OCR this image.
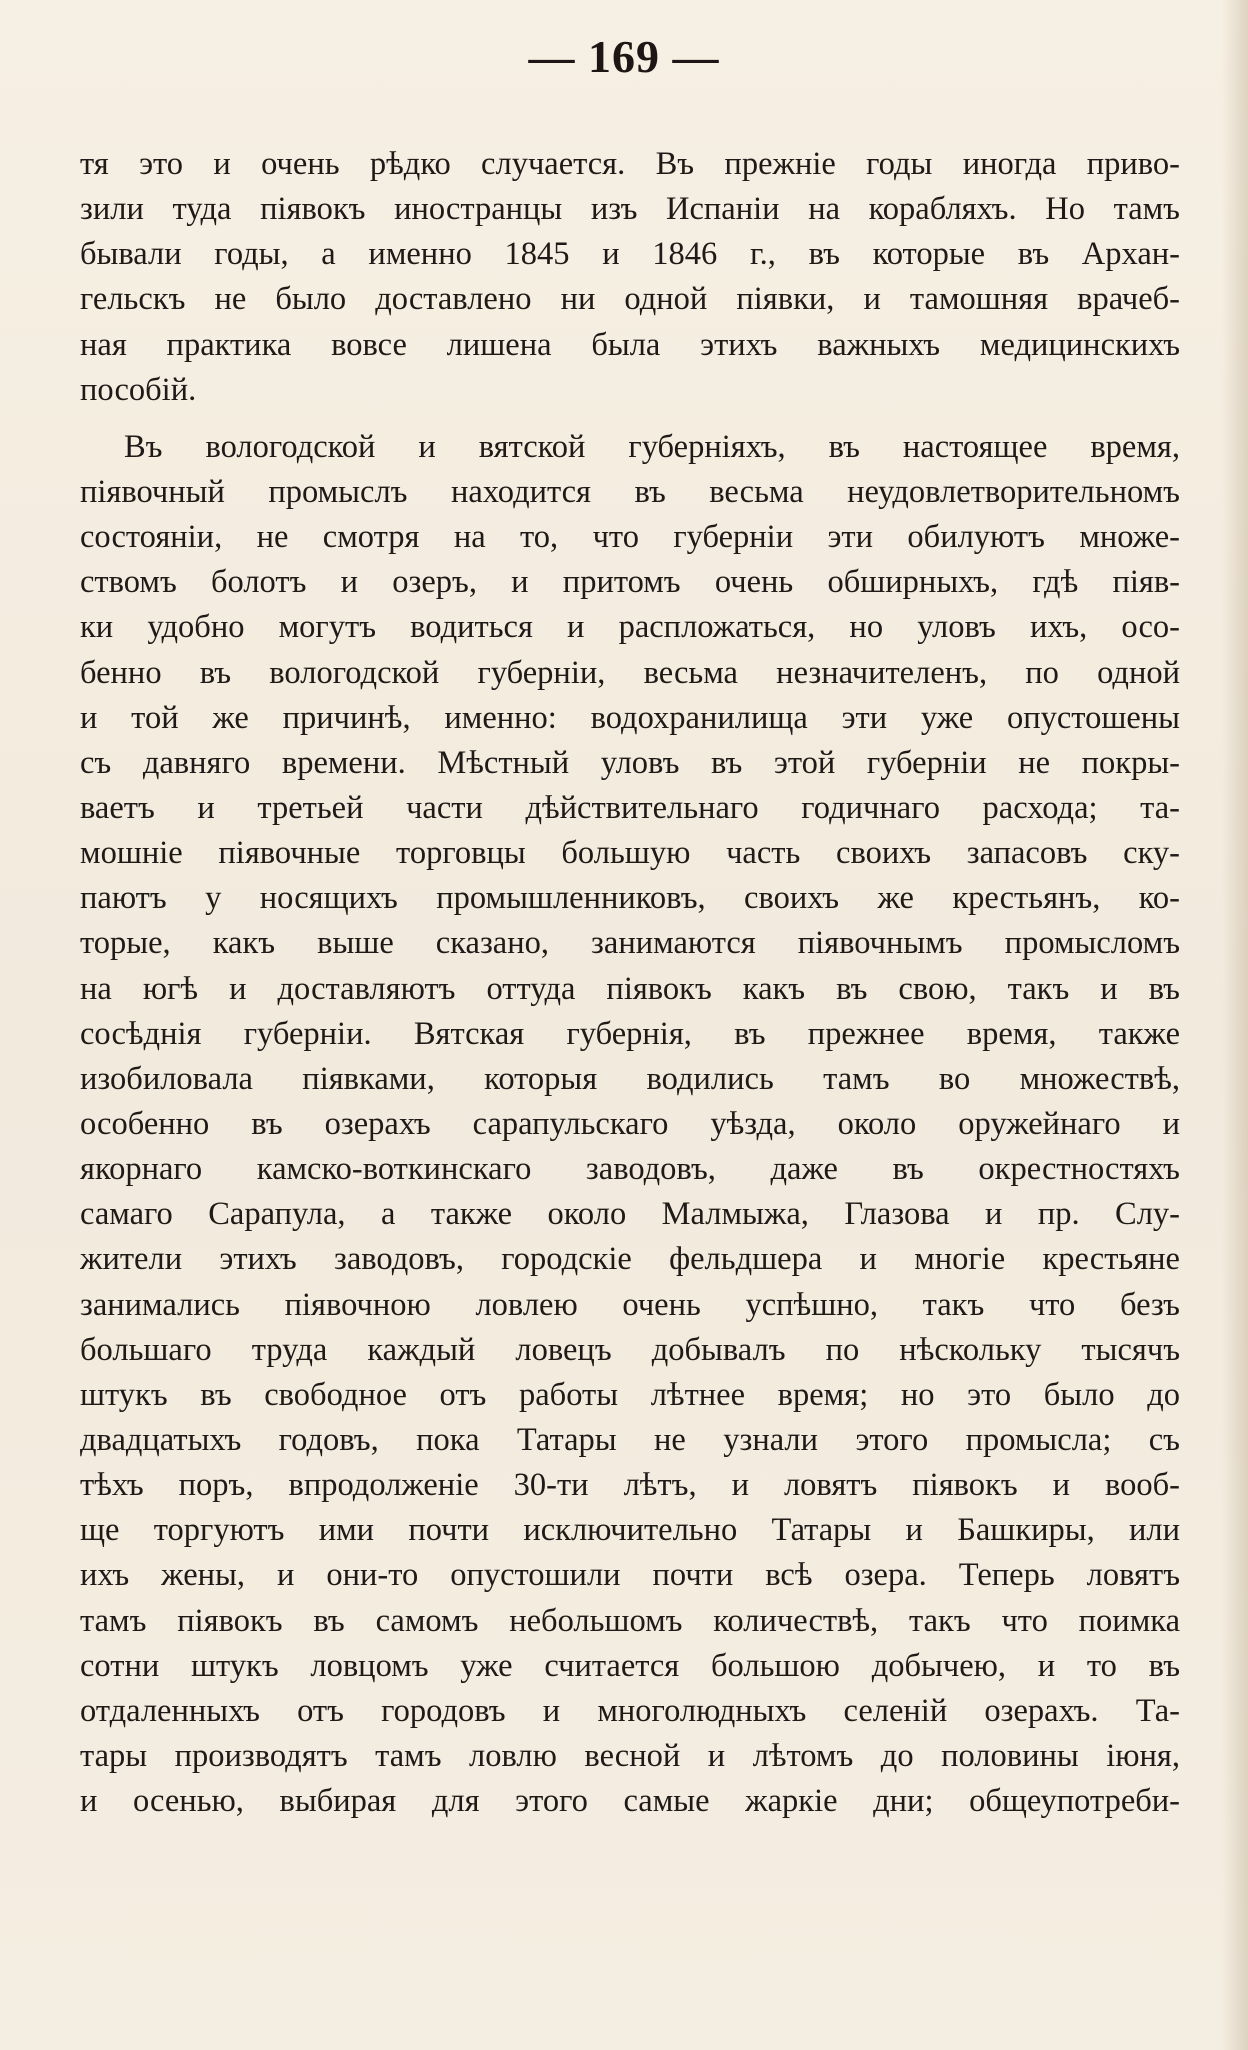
— 169 —
тя это и очень рѣдко случается. Въ прежніе годы иногда приво-
зили туда піявокъ иностранцы изъ Испаніи на корабляхъ. Но тамъ
бывали годы, а именно 1845 и 1846 г., въ которые въ Архан-
гельскъ не было доставлено ни одной піявки, и тамошняя врачеб-
ная практика вовсе лишена была этихъ важныхъ медицинскихъ
пособій.
Въ вологодской и вятской губерніяхъ, въ настоящее время,
піявочный промыслъ находится въ весьма неудовлетворительномъ
состояніи, не смотря на то, что губерніи эти обилуютъ множе-
ствомъ болотъ и озеръ, и притомъ очень обширныхъ, гдѣ піяв-
ки удобно могутъ водиться и распложаться, но уловъ ихъ, осо-
бенно въ вологодской губерніи, весьма незначителенъ, по одной
и той же причинѣ, именно: водохранилища эти уже опустошены
съ давняго времени. Мѣстный уловъ въ этой губерніи не покры-
ваетъ и третьей части дѣйствительнаго годичнаго расхода; та-
мошніе піявочные торговцы большую часть своихъ запасовъ ску-
паютъ у носящихъ промышленниковъ, своихъ же крестьянъ, ко-
торые, какъ выше сказано, занимаются піявочнымъ промысломъ
на югѣ и доставляютъ оттуда піявокъ какъ въ свою, такъ и въ
сосѣднія губерніи. Вятская губернія, въ прежнее время, также
изобиловала піявками, которыя водились тамъ во множествѣ,
особенно въ озерахъ сарапульскаго уѣзда, около оружейнаго и
якорнаго камско-воткинскаго заводовъ, даже въ окрестностяхъ
самаго Сарапула, а также около Малмыжа, Глазова и пр. Слу-
жители этихъ заводовъ, городскіе фельдшера и многіе крестьяне
занимались піявочною ловлею очень успѣшно, такъ что безъ
большаго труда каждый ловецъ добывалъ по нѣскольку тысячъ
штукъ въ свободное отъ работы лѣтнее время; но это было до
двадцатыхъ годовъ, пока Татары не узнали этого промысла; съ
тѣхъ поръ, впродолженіе 30-ти лѣтъ, и ловятъ піявокъ и вооб-
ще торгуютъ ими почти исключительно Татары и Башкиры, или
ихъ жены, и они-то опустошили почти всѣ озера. Теперь ловятъ
тамъ піявокъ въ самомъ небольшомъ количествѣ, такъ что поимка
сотни штукъ ловцомъ уже считается большою добычею, и то въ
отдаленныхъ отъ городовъ и многолюдныхъ селеній озерахъ. Та-
тары производятъ тамъ ловлю весной и лѣтомъ до половины іюня,
и осенью, выбирая для этого самые жаркіе дни; общеупотреби-
